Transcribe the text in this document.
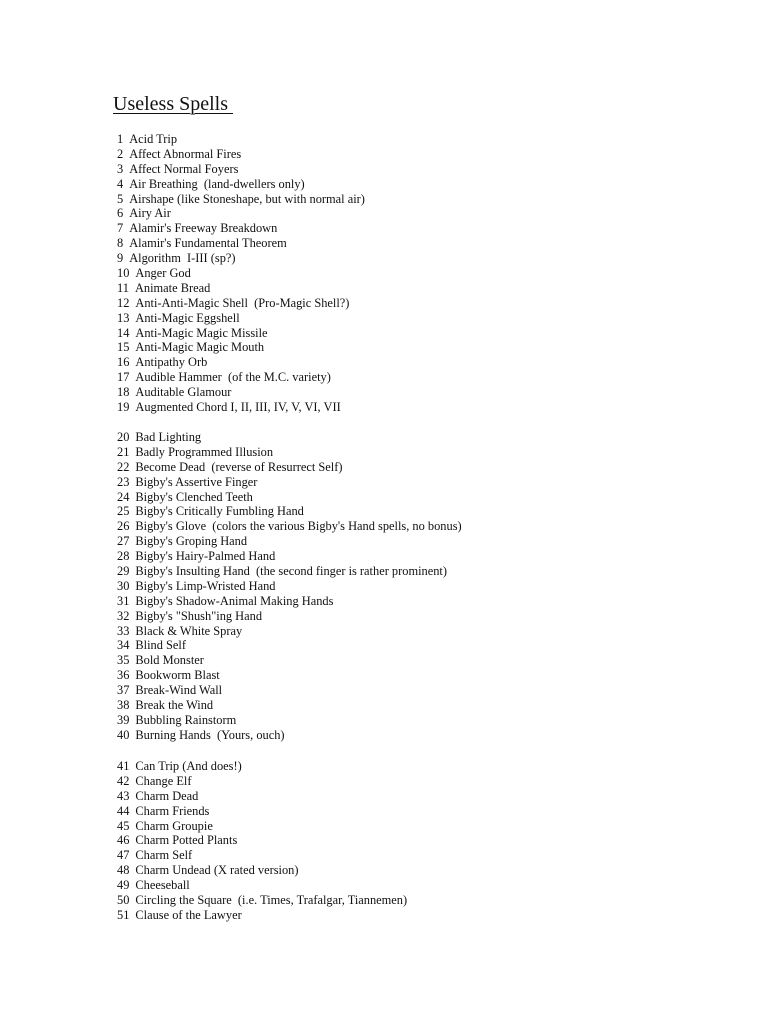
Useless Spells
1 Acid Trip
2 Affect Abnormal Fires
3 Affect Normal Foyers
4 Air Breathing  (land-dwellers only)
5 Airshape (like Stoneshape, but with normal air)
6 Airy Air
7 Alamir's Freeway Breakdown
8 Alamir's Fundamental Theorem
9 Algorithm  I-III (sp?)
10 Anger God
11 Animate Bread
12 Anti-Anti-Magic Shell  (Pro-Magic Shell?)
13 Anti-Magic Eggshell
14 Anti-Magic Magic Missile
15 Anti-Magic Magic Mouth
16 Antipathy Orb
17 Audible Hammer  (of the M.C. variety)
18 Auditable Glamour
19 Augmented Chord I, II, III, IV, V, VI, VII
20 Bad Lighting
21 Badly Programmed Illusion
22 Become Dead  (reverse of Resurrect Self)
23 Bigby's Assertive Finger
24 Bigby's Clenched Teeth
25 Bigby's Critically Fumbling Hand
26 Bigby's Glove  (colors the various Bigby's Hand spells, no bonus)
27 Bigby's Groping Hand
28 Bigby's Hairy-Palmed Hand
29 Bigby's Insulting Hand  (the second finger is rather prominent)
30 Bigby's Limp-Wristed Hand
31 Bigby's Shadow-Animal Making Hands
32 Bigby's "Shush"ing Hand
33 Black & White Spray
34 Blind Self
35 Bold Monster
36 Bookworm Blast
37 Break-Wind Wall
38 Break the Wind
39 Bubbling Rainstorm
40 Burning Hands  (Yours, ouch)
41 Can Trip (And does!)
42 Change Elf
43 Charm Dead
44 Charm Friends
45 Charm Groupie
46 Charm Potted Plants
47 Charm Self
48 Charm Undead (X rated version)
49 Cheeseball
50 Circling the Square  (i.e. Times, Trafalgar, Tiannemen)
51 Clause of the Lawyer
